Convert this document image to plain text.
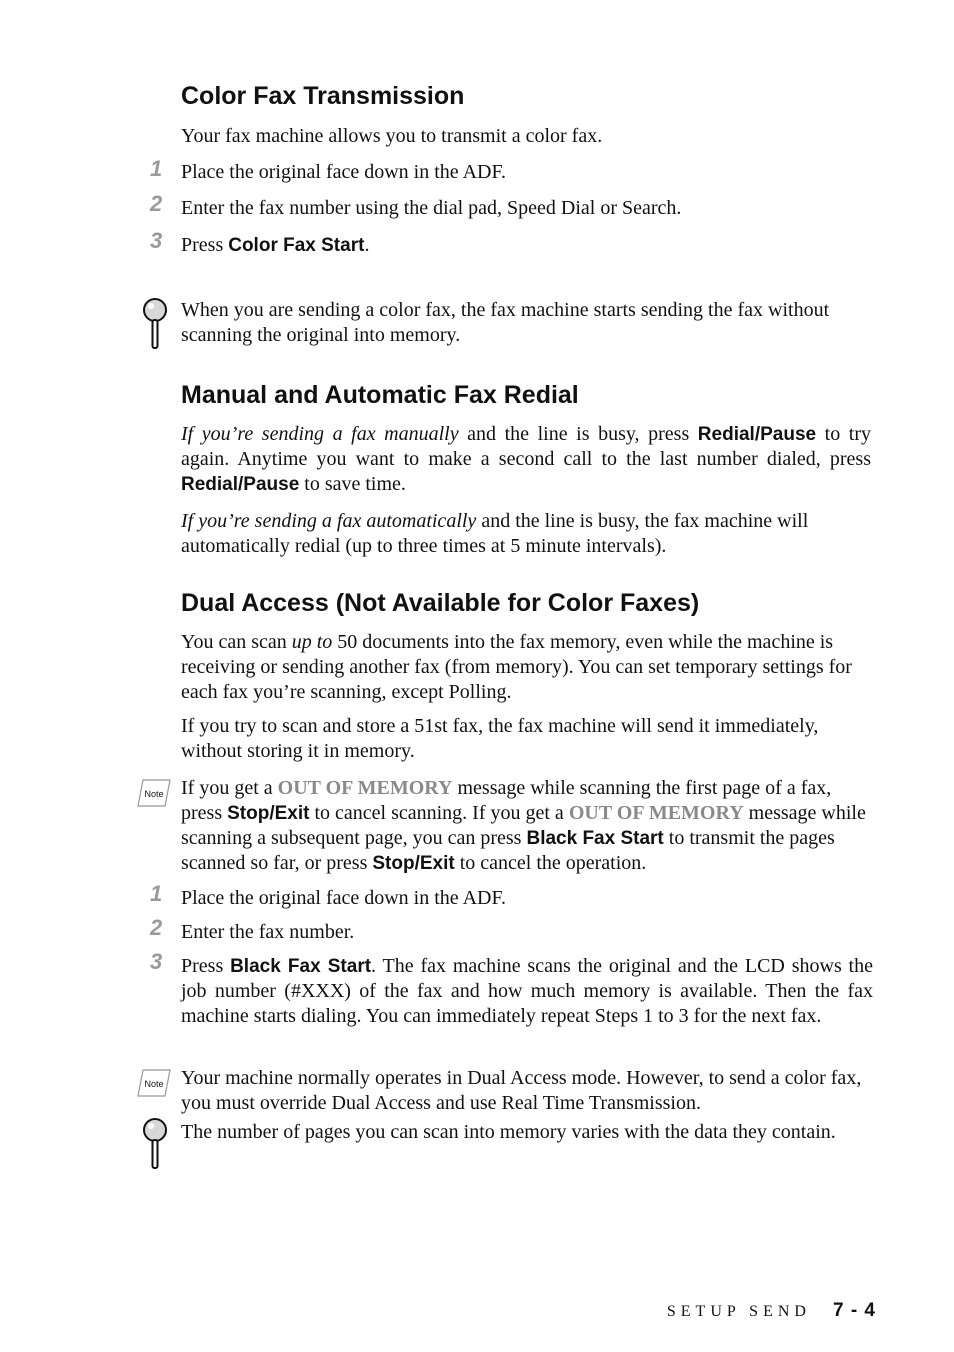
Color Fax Transmission
Your fax machine allows you to transmit a color fax.
1 Place the original face down in the ADF.
2 Enter the fax number using the dial pad, Speed Dial or Search.
3 Press Color Fax Start.
When you are sending a color fax, the fax machine starts sending the fax without scanning the original into memory.
Manual and Automatic Fax Redial
If you’re sending a fax manually and the line is busy, press Redial/Pause to try again. Anytime you want to make a second call to the last number dialed, press Redial/Pause to save time.
If you’re sending a fax automatically and the line is busy, the fax machine will automatically redial (up to three times at 5 minute intervals).
Dual Access (Not Available for Color Faxes)
You can scan up to 50 documents into the fax memory, even while the machine is receiving or sending another fax (from memory). You can set temporary settings for each fax you’re scanning, except Polling.
If you try to scan and store a 51st fax, the fax machine will send it immediately, without storing it in memory.
Note If you get a OUT OF MEMORY message while scanning the first page of a fax, press Stop/Exit to cancel scanning. If you get a OUT OF MEMORY message while scanning a subsequent page, you can press Black Fax Start to transmit the pages scanned so far, or press Stop/Exit to cancel the operation.
1 Place the original face down in the ADF.
2 Enter the fax number.
3 Press Black Fax Start. The fax machine scans the original and the LCD shows the job number (#XXX) of the fax and how much memory is available. Then the fax machine starts dialing. You can immediately repeat Steps 1 to 3 for the next fax.
Note Your machine normally operates in Dual Access mode. However, to send a color fax, you must override Dual Access and use Real Time Transmission.
The number of pages you can scan into memory varies with the data they contain.
SETUP SEND 7 - 4
